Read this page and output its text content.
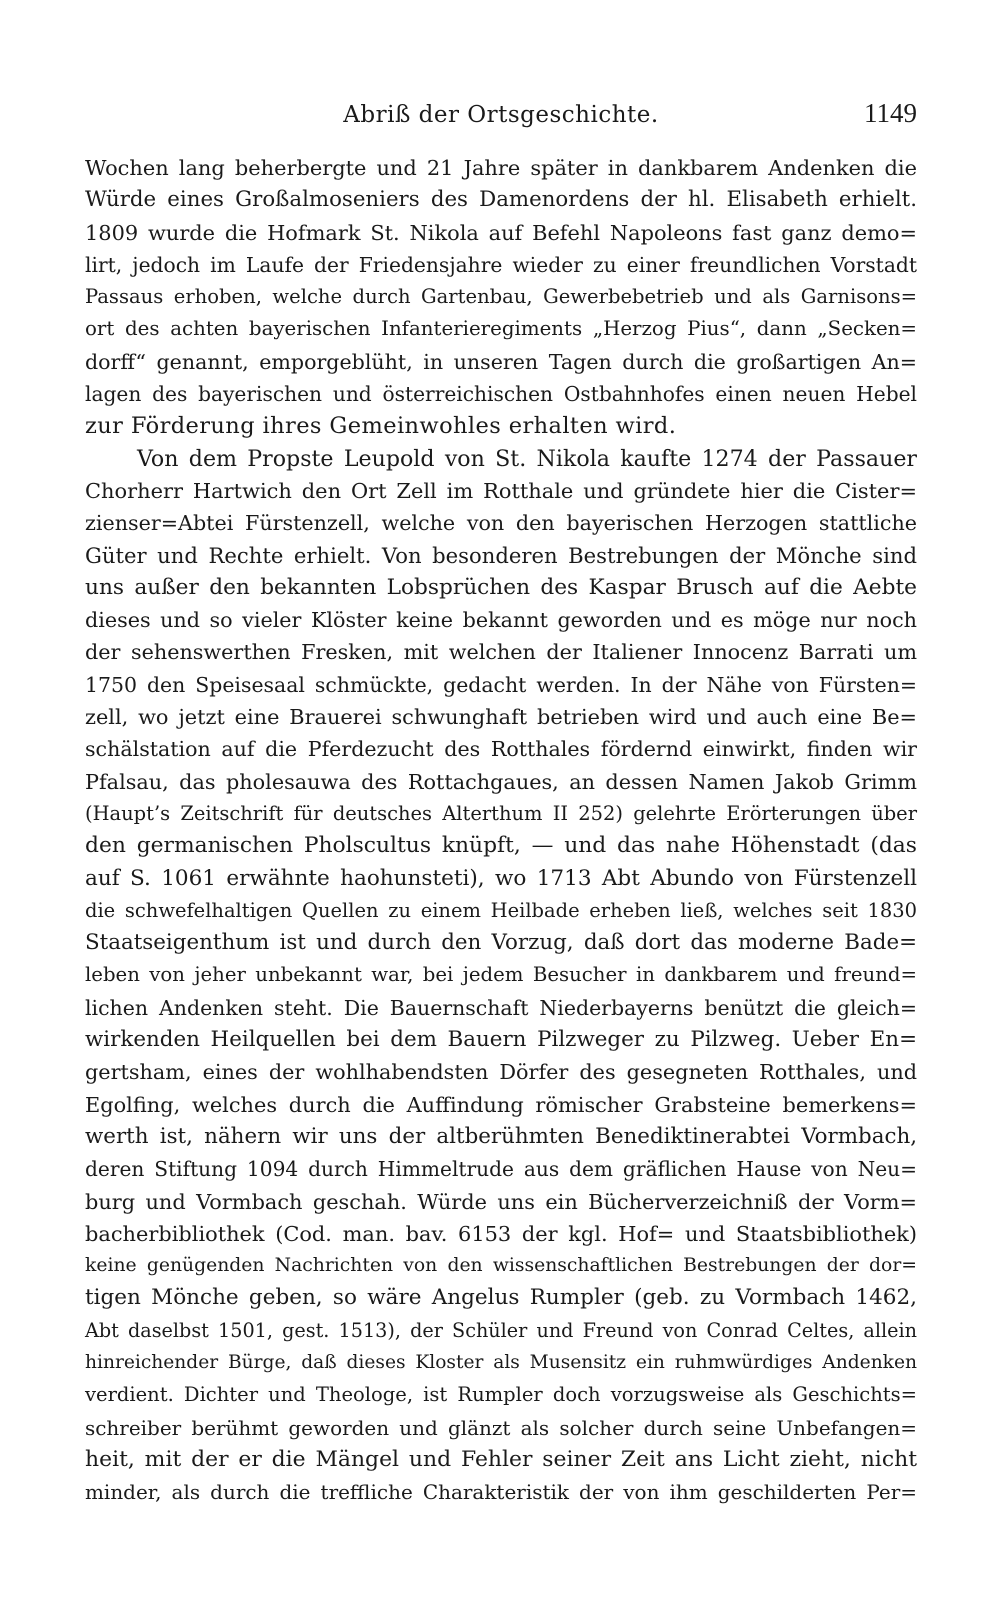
Abriß der Ortsgeschichte.	1149
Wochen lang beherbergte und 21 Jahre später in dankbarem Andenken die
Würde eines Großalmoseniers des Damenordens der hl. Elisabeth erhielt.
1809 wurde die Hofmark St. Nikola auf Befehl Napoleons fast ganz demo=
lirt, jedoch im Laufe der Friedensjahre wieder zu einer freundlichen Vorstadt
Passaus erhoben, welche durch Gartenbau, Gewerbebetrieb und als Garnisons=
ort des achten bayerischen Infanterieregiments „Herzog Pius“, dann „Secken=
dorff“ genannt, emporgeblüht, in unseren Tagen durch die großartigen An=
lagen des bayerischen und österreichischen Ostbahnhofes einen neuen Hebel
zur Förderung ihres Gemeinwohles erhalten wird.
Von dem Propste Leupold von St. Nikola kaufte 1274 der Passauer
Chorherr Hartwich den Ort Zell im Rotthale und gründete hier die Cister=
zienser=Abtei Fürstenzell, welche von den bayerischen Herzogen stattliche
Güter und Rechte erhielt. Von besonderen Bestrebungen der Mönche sind
uns außer den bekannten Lobsprüchen des Kaspar Brusch auf die Aebte
dieses und so vieler Klöster keine bekannt geworden und es möge nur noch
der sehenswerthen Fresken, mit welchen der Italiener Innocenz Barrati um
1750 den Speisesaal schmückte, gedacht werden. In der Nähe von Fürsten=
zell, wo jetzt eine Brauerei schwunghaft betrieben wird und auch eine Be=
schälstation auf die Pferdezucht des Rotthales fördernd einwirkt, finden wir
Pfalsau, das pholesauwa des Rottachgaues, an dessen Namen Jakob Grimm
(Haupt’s Zeitschrift für deutsches Alterthum II 252) gelehrte Erörterungen über
den germanischen Pholscultus knüpft, — und das nahe Höhenstadt (das
auf S. 1061 erwähnte haohunsteti), wo 1713 Abt Abundo von Fürstenzell
die schwefelhaltigen Quellen zu einem Heilbade erheben ließ, welches seit 1830
Staatseigenthum ist und durch den Vorzug, daß dort das moderne Bade=
leben von jeher unbekannt war, bei jedem Besucher in dankbarem und freund=
lichen Andenken steht. Die Bauernschaft Niederbayerns benützt die gleich=
wirkenden Heilquellen bei dem Bauern Pilzweger zu Pilzweg. Ueber En=
gertsham, eines der wohlhabendsten Dörfer des gesegneten Rotthales, und
Egolfing, welches durch die Auffindung römischer Grabsteine bemerkens=
werth ist, nähern wir uns der altberühmten Benediktinerabtei Vormbach,
deren Stiftung 1094 durch Himmeltrude aus dem gräflichen Hause von Neu=
burg und Vormbach geschah. Würde uns ein Bücherverzeichniß der Vorm=
bacherbibliothek (Cod. man. bav. 6153 der kgl. Hof= und Staatsbibliothek)
keine genügenden Nachrichten von den wissenschaftlichen Bestrebungen der dor=
tigen Mönche geben, so wäre Angelus Rumpler (geb. zu Vormbach 1462,
Abt daselbst 1501, gest. 1513), der Schüler und Freund von Conrad Celtes, allein
hinreichender Bürge, daß dieses Kloster als Musensitz ein ruhmwürdiges Andenken
verdient. Dichter und Theologe, ist Rumpler doch vorzugsweise als Geschichts=
schreiber berühmt geworden und glänzt als solcher durch seine Unbefangen=
heit, mit der er die Mängel und Fehler seiner Zeit ans Licht zieht, nicht
minder, als durch die treffliche Charakteristik der von ihm geschilderten Per=
